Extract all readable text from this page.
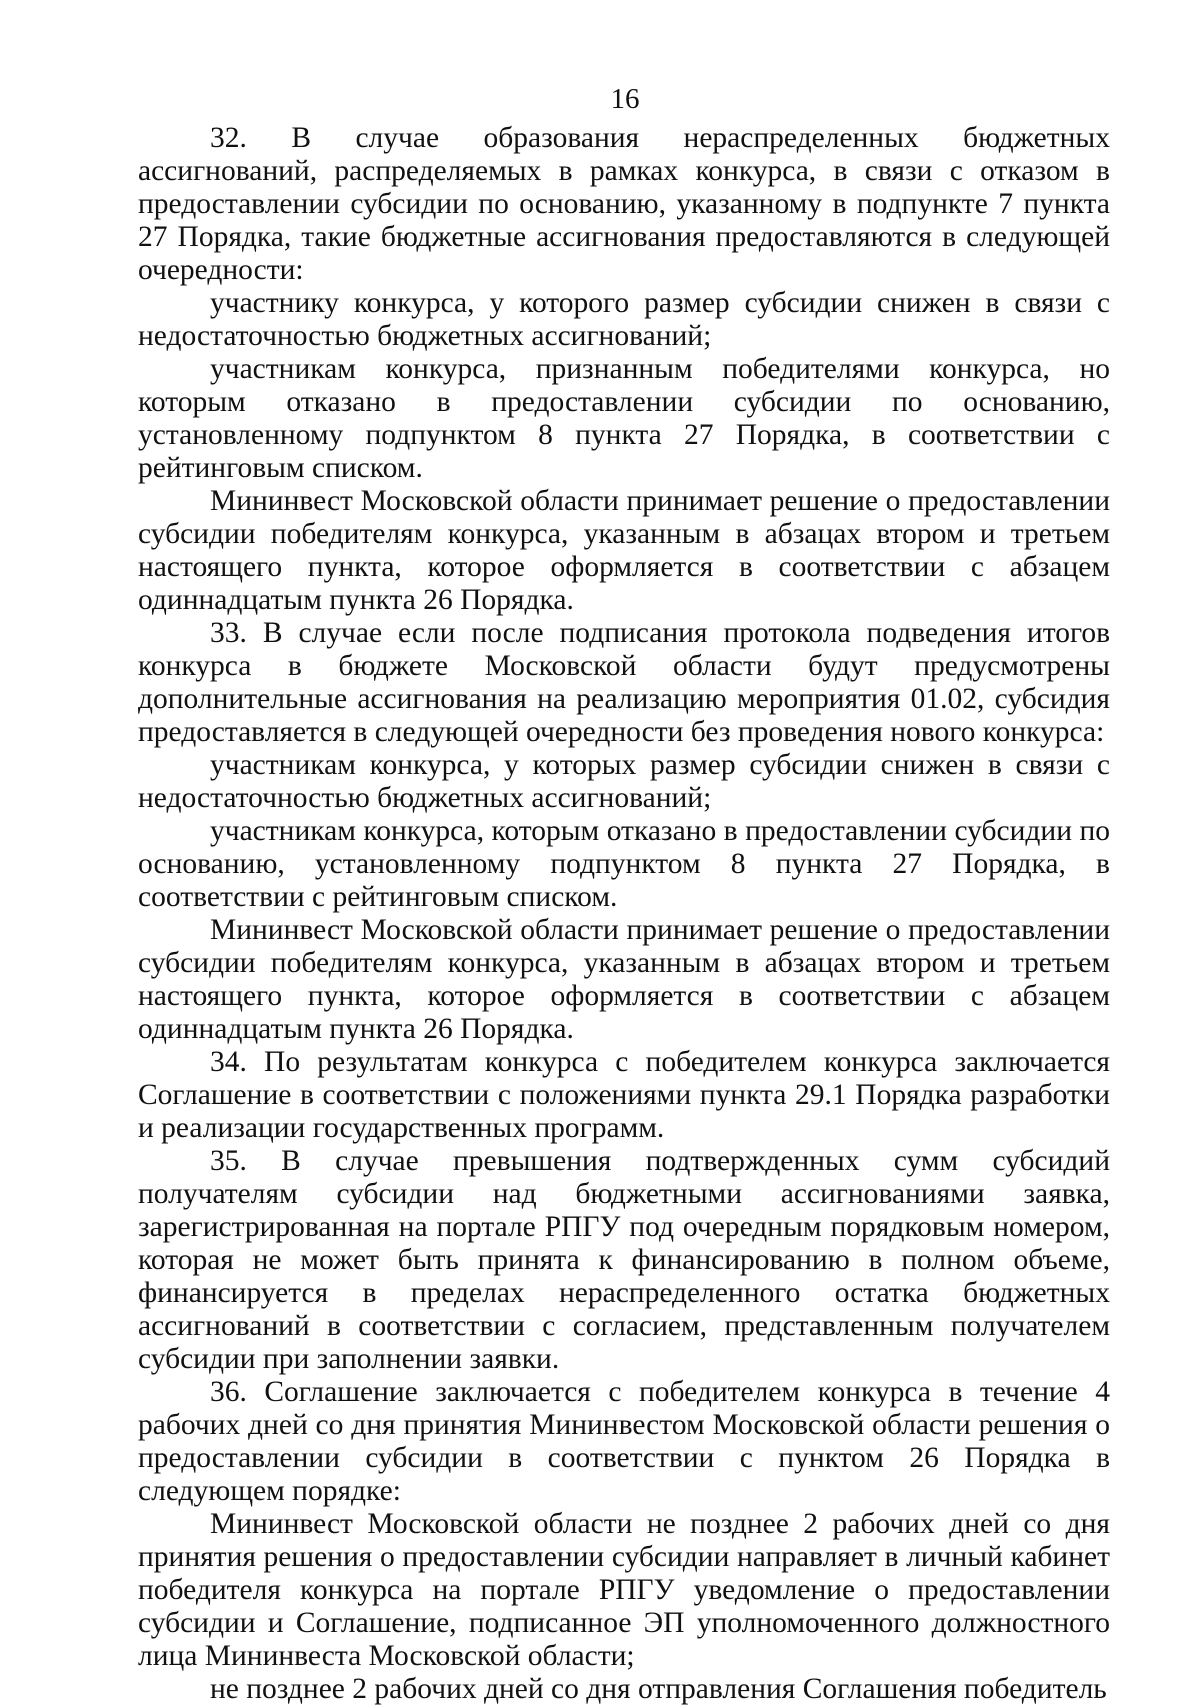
16

32. В случае образования нераспределенных бюджетных ассигнований, распределяемых в рамках конкурса, в связи с отказом в предоставлении субсидии по основанию, указанному в подпункте 7 пункта 27 Порядка, такие бюджетные ассигнования предоставляются в следующей очередности:

участнику конкурса, у которого размер субсидии снижен в связи с недостаточностью бюджетных ассигнований;

участникам конкурса, признанным победителями конкурса, но которым отказано в предоставлении субсидии по основанию, установленному подпунктом 8 пункта 27 Порядка, в соответствии с рейтинговым списком.

Мининвест Московской области принимает решение о предоставлении субсидии победителям конкурса, указанным в абзацах втором и третьем настоящего пункта, которое оформляется в соответствии с абзацем одиннадцатым пункта 26 Порядка.

33. В случае если после подписания протокола подведения итогов конкурса в бюджете Московской области будут предусмотрены дополнительные ассигнования на реализацию мероприятия 01.02, субсидия предоставляется в следующей очередности без проведения нового конкурса:

участникам конкурса, у которых размер субсидии снижен в связи с недостаточностью бюджетных ассигнований;

участникам конкурса, которым отказано в предоставлении субсидии по основанию, установленному подпунктом 8 пункта 27 Порядка, в соответствии с рейтинговым списком.

Мининвест Московской области принимает решение о предоставлении субсидии победителям конкурса, указанным в абзацах втором и третьем настоящего пункта, которое оформляется в соответствии с абзацем одиннадцатым пункта 26 Порядка.

34. По результатам конкурса с победителем конкурса заключается Соглашение в соответствии с положениями пункта 29.1 Порядка разработки и реализации государственных программ.

35. В случае превышения подтвержденных сумм субсидий получателям субсидии над бюджетными ассигнованиями заявка, зарегистрированная на портале РПГУ под очередным порядковым номером, которая не может быть принята к финансированию в полном объеме, финансируется в пределах нераспределенного остатка бюджетных ассигнований в соответствии с согласием, представленным получателем субсидии при заполнении заявки.

36. Соглашение заключается с победителем конкурса в течение 4 рабочих дней со дня принятия Мининвестом Московской области решения о предоставлении субсидии в соответствии с пунктом 26 Порядка в следующем порядке:

Мининвест Московской области не позднее 2 рабочих дней со дня принятия решения о предоставлении субсидии направляет в личный кабинет победителя конкурса на портале РПГУ уведомление о предоставлении субсидии и Соглашение, подписанное ЭП уполномоченного должностного лица Мининвеста Московской области;

не позднее 2 рабочих дней со дня отправления Соглашения победитель
